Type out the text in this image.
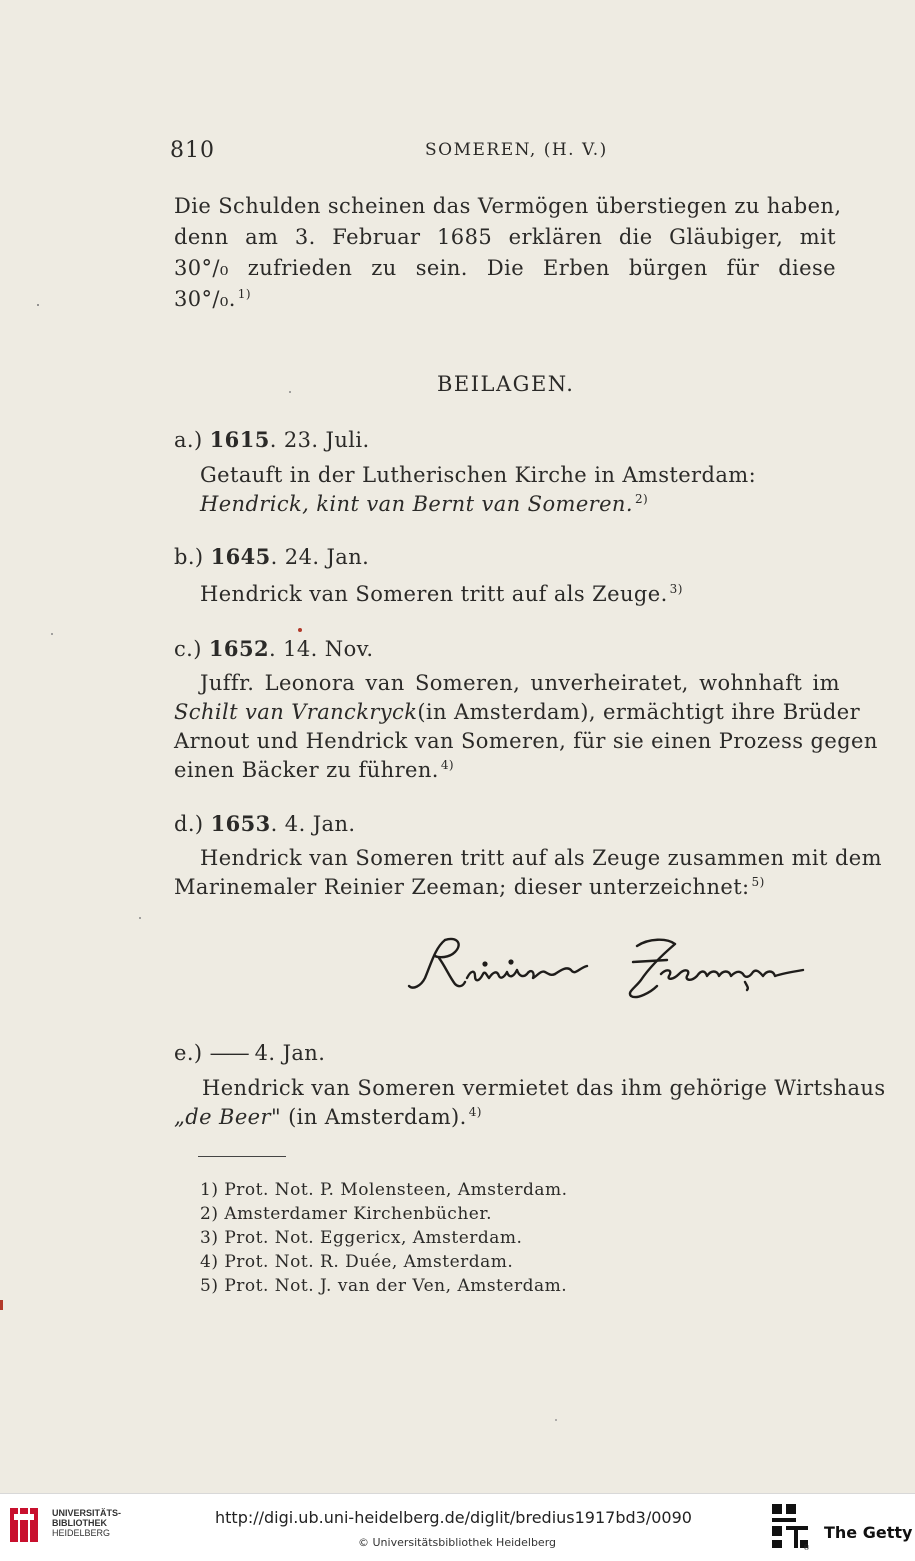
810	SOMEREN, (H. V.)
Die Schulden scheinen das Vermögen überstiegen zu haben,
denn am 3. Februar 1685 erklären die Gläubiger, mit
30°/₀ zufrieden zu sein. Die Erben bürgen für diese
30°/₀. $^{1)}$
BEILAGEN.
a.) 1615. 23. Juli.
Getauft in der Lutherischen Kirche in Amsterdam:
Hendrick, kint van Bernt van Someren. $^{2)}$
b.) 1645. 24. Jan.
Hendrick van Someren tritt auf als Zeuge. $^{3)}$
c.) 1652. 14. Nov.
Juffr. Leonora van Someren, unverheiratet, wohnhaft im
Schilt van Vranckryck (in Amsterdam), ermächtigt ihre Brüder
Arnout und Hendrick van Someren, für sie einen Prozess gegen
einen Bäcker zu führen. $^{4)}$
d.) 1653. 4. Jan.
Hendrick van Someren tritt auf als Zeuge zusammen mit dem
Marinemaler Reinier Zeeman; dieser unterzeichnet: $^{5)}$
e.) —— 4. Jan.
Hendrick van Someren vermietet das ihm gehörige Wirtshaus
„de Beer" (in Amsterdam). $^{4)}$
1) Prot. Not. P. Molensteen, Amsterdam.
2) Amsterdamer Kirchenbücher.
3) Prot. Not. Eggericx, Amsterdam.
4) Prot. Not. R. Duée, Amsterdam.
5) Prot. Not. J. van der Ven, Amsterdam.
UNIVERSITÄTS-
BIBLIOTHEK
HEIDELBERG
http://digi.ub.uni-heidelberg.de/diglit/bredius1917bd3/0090
© Universitätsbibliothek Heidelberg	®
The Getty
